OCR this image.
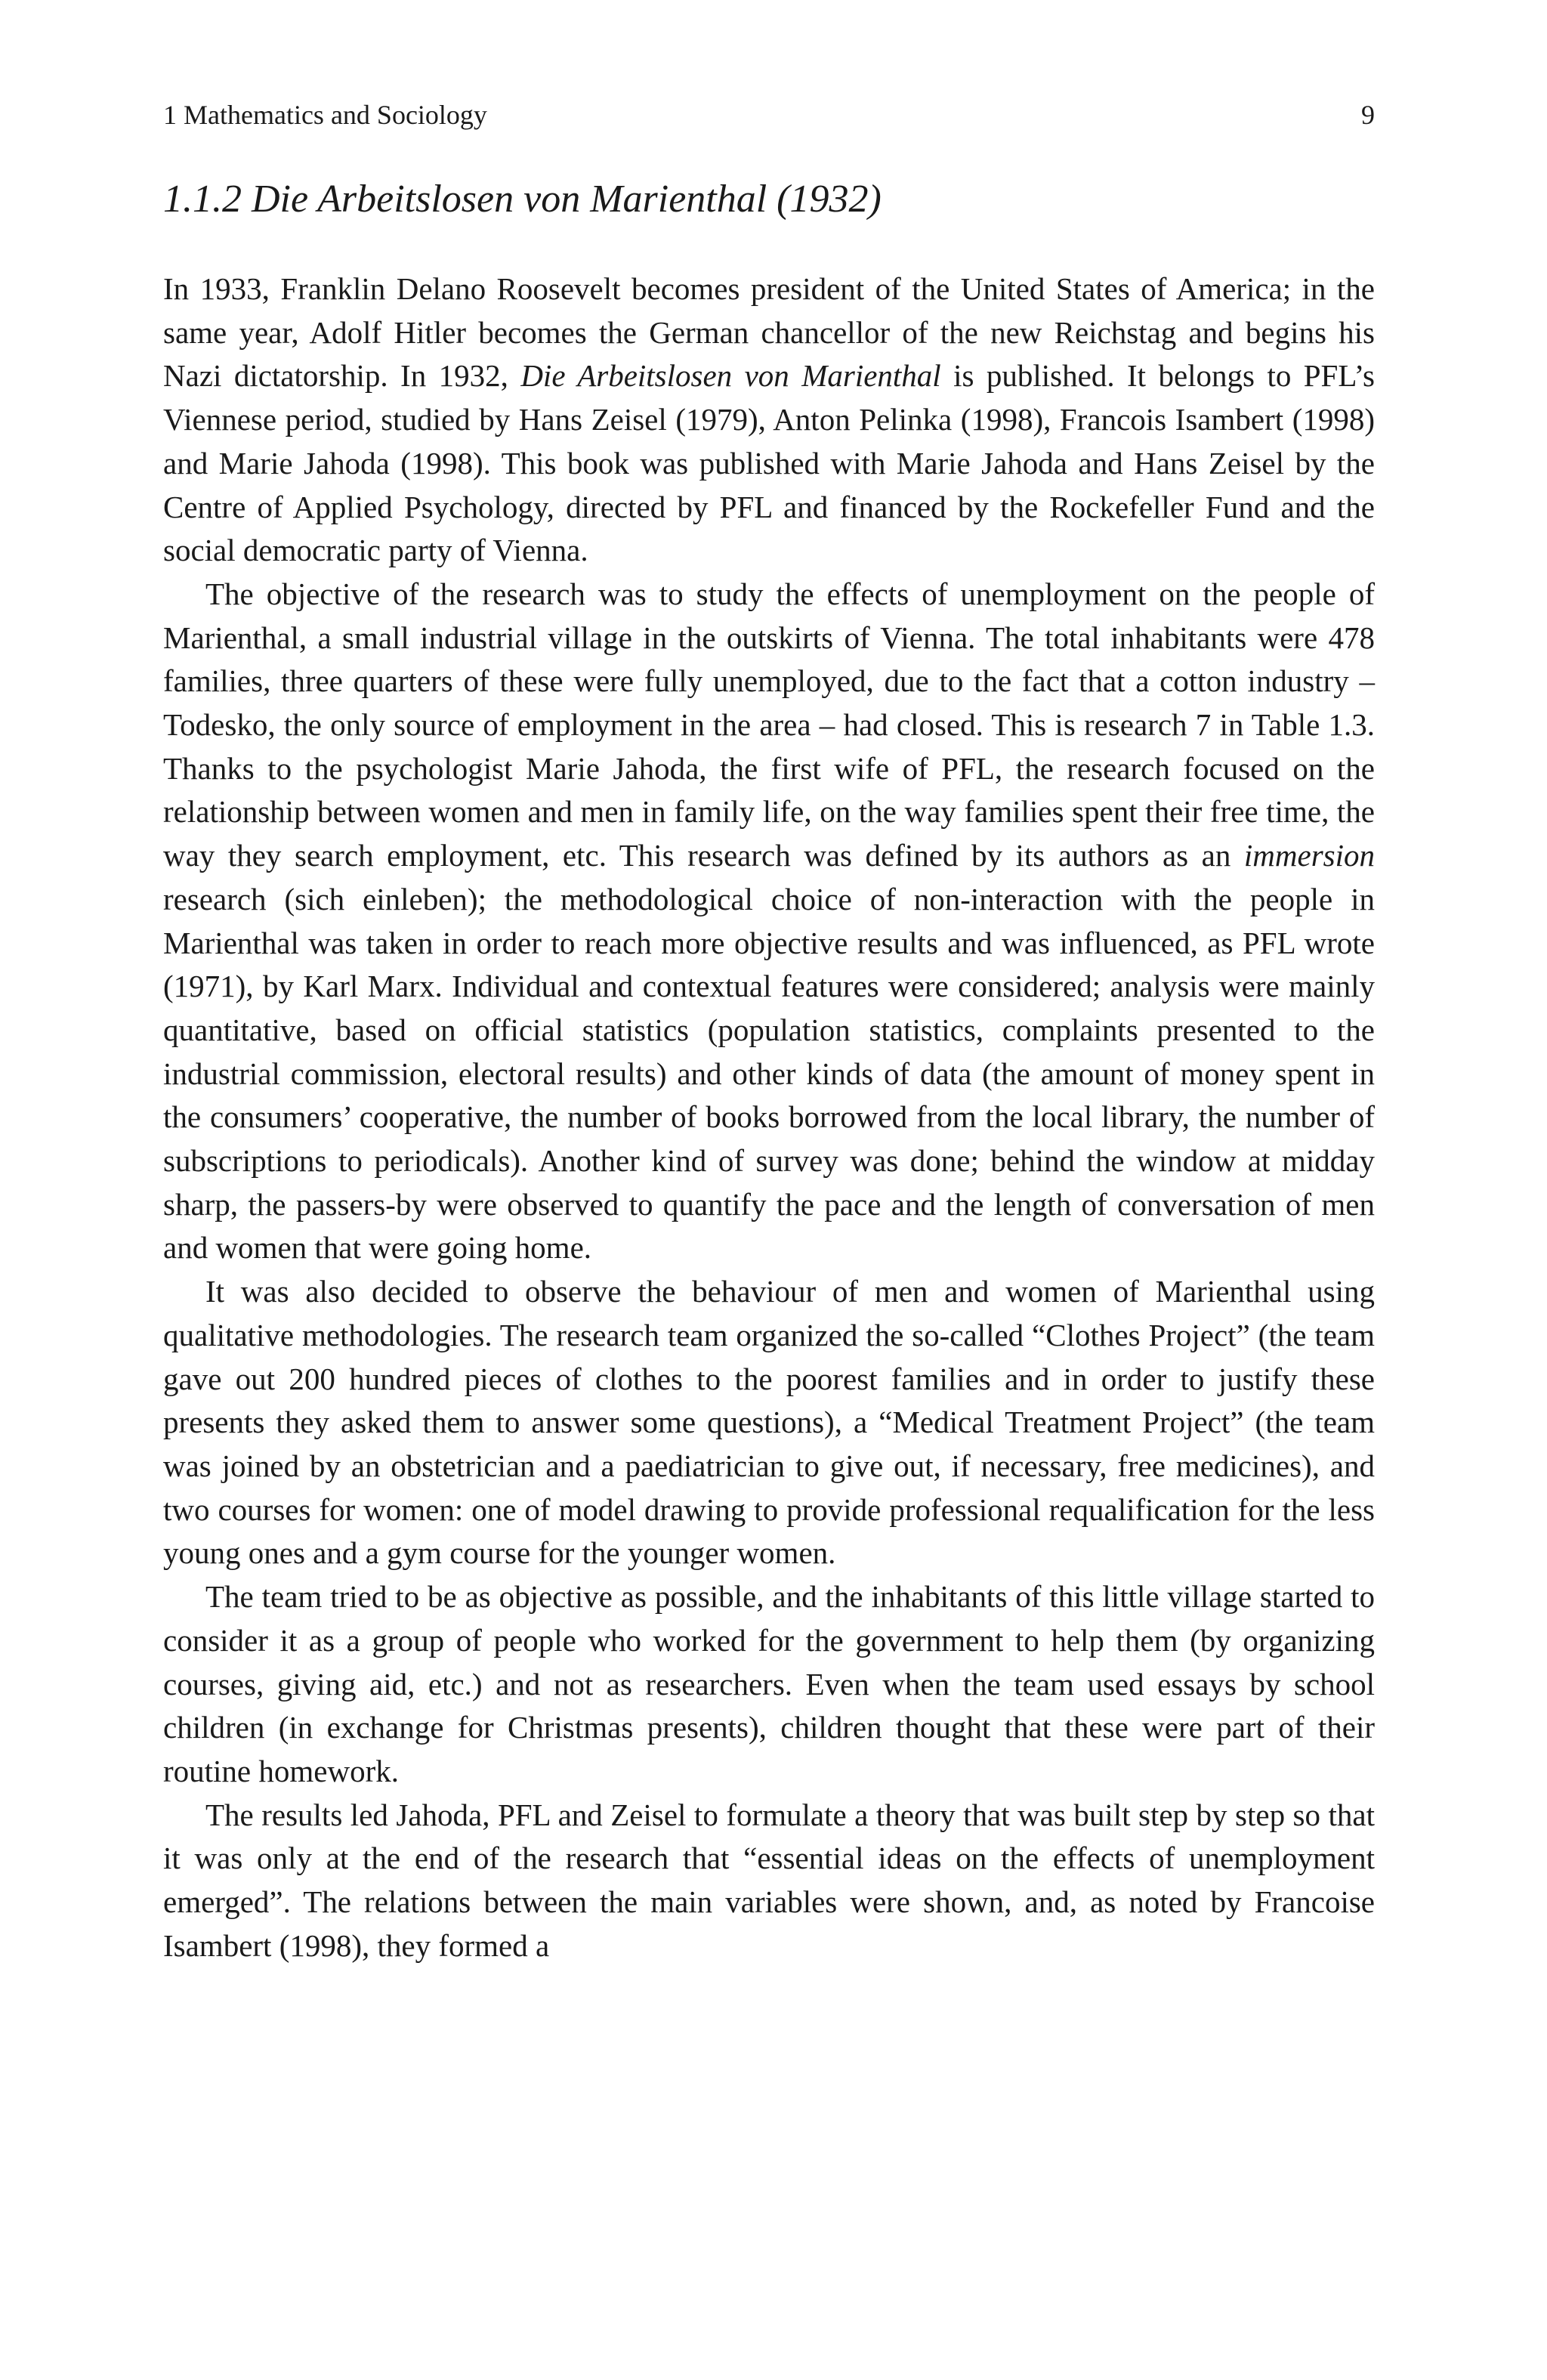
1 Mathematics and Sociology	9
1.1.2 Die Arbeitslosen von Marienthal (1932)

In 1933, Franklin Delano Roosevelt becomes president of the United States of America; in the same year, Adolf Hitler becomes the German chancellor of the new Reichstag and begins his Nazi dictatorship. In 1932, Die Arbeitslosen von Marienthal is published. It belongs to PFL’s Viennese period, studied by Hans Zeisel (1979), Anton Pelinka (1998), Francois Isambert (1998) and Marie Jahoda (1998). This book was published with Marie Jahoda and Hans Zeisel by the Centre of Applied Psychology, directed by PFL and financed by the Rockefeller Fund and the social democratic party of Vienna.

The objective of the research was to study the effects of unemployment on the people of Marienthal, a small industrial village in the outskirts of Vienna. The total inhabitants were 478 families, three quarters of these were fully unemployed, due to the fact that a cotton industry – Todesko, the only source of employment in the area – had closed. This is research 7 in Table 1.3. Thanks to the psychologist Marie Jahoda, the first wife of PFL, the research focused on the relationship between women and men in family life, on the way families spent their free time, the way they search employment, etc. This research was defined by its authors as an immersion research (sich einleben); the methodological choice of non-interaction with the people in Marienthal was taken in order to reach more objective results and was influenced, as PFL wrote (1971), by Karl Marx. Individual and contextual features were considered; analysis were mainly quantitative, based on official statistics (population statistics, complaints presented to the industrial commission, electoral results) and other kinds of data (the amount of money spent in the consumers’ cooperative, the number of books borrowed from the local library, the number of subscriptions to periodicals). Another kind of survey was done; behind the window at midday sharp, the passers-by were observed to quantify the pace and the length of conversation of men and women that were going home.

It was also decided to observe the behaviour of men and women of Marienthal using qualitative methodologies. The research team organized the so-called “Clothes Project” (the team gave out 200 hundred pieces of clothes to the poorest families and in order to justify these presents they asked them to answer some questions), a “Medical Treatment Project” (the team was joined by an obstetrician and a paediatrician to give out, if necessary, free medicines), and two courses for women: one of model drawing to provide professional requalification for the less young ones and a gym course for the younger women.

The team tried to be as objective as possible, and the inhabitants of this little village started to consider it as a group of people who worked for the government to help them (by organizing courses, giving aid, etc.) and not as researchers. Even when the team used essays by school children (in exchange for Christmas presents), children thought that these were part of their routine homework.

The results led Jahoda, PFL and Zeisel to formulate a theory that was built step by step so that it was only at the end of the research that “essential ideas on the effects of unemployment emerged”. The relations between the main variables were shown, and, as noted by Francoise Isambert (1998), they formed a
